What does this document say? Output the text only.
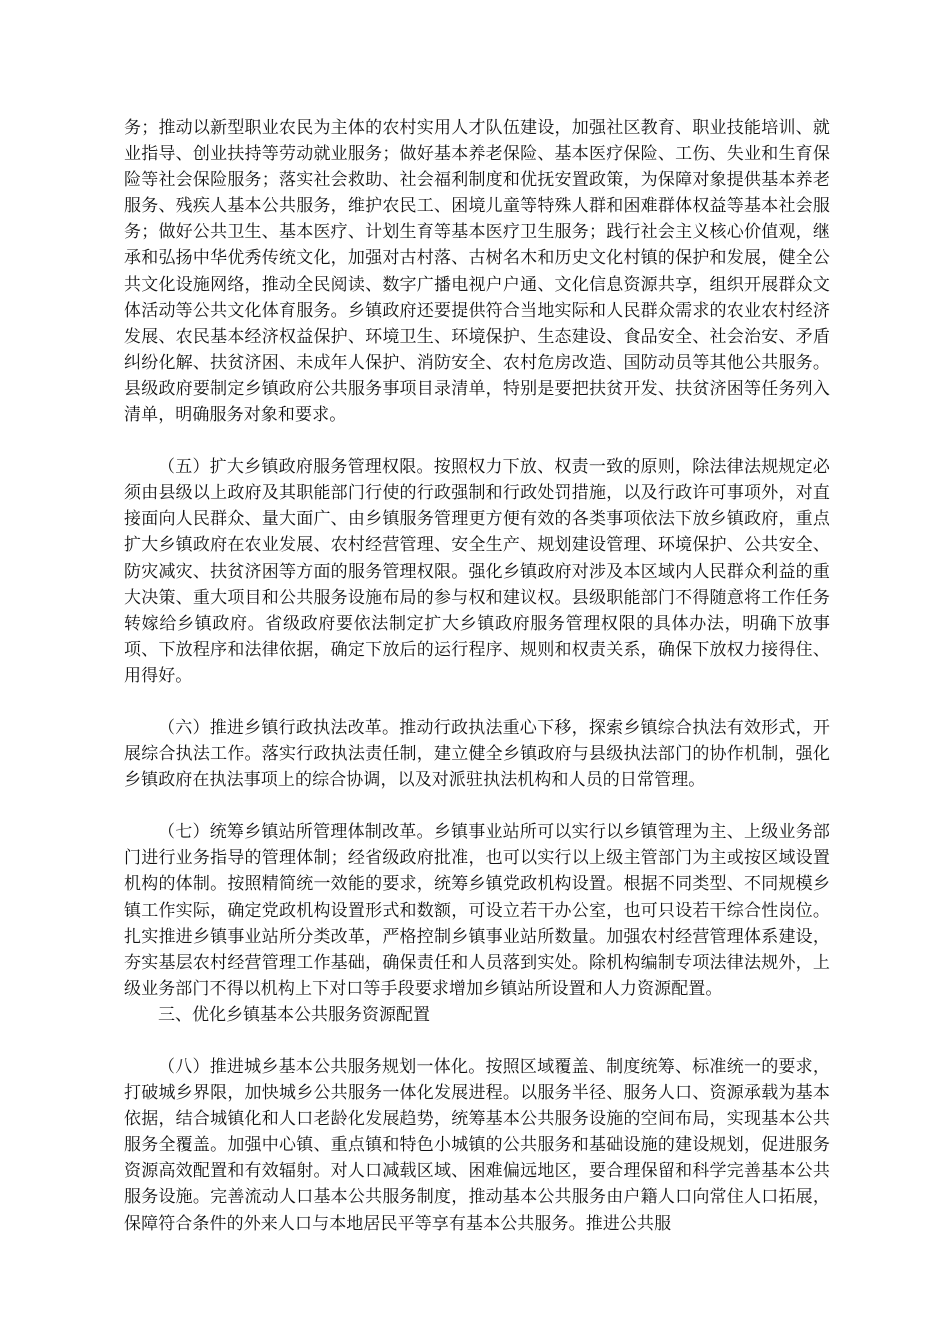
务；推动以新型职业农民为主体的农村实用人才队伍建设，加强社区教育、职业技能培训、就业指导、创业扶持等劳动就业服务；做好基本养老保险、基本医疗保险、工伤、失业和生育保险等社会保险服务；落实社会救助、社会福利制度和优抚安置政策，为保障对象提供基本养老服务、残疾人基本公共服务，维护农民工、困境儿童等特殊人群和困难群体权益等基本社会服务；做好公共卫生、基本医疗、计划生育等基本医疗卫生服务；践行社会主义核心价值观，继承和弘扬中华优秀传统文化，加强对古村落、古树名木和历史文化村镇的保护和发展，健全公共文化设施网络，推动全民阅读、数字广播电视户户通、文化信息资源共享，组织开展群众文体活动等公共文化体育服务。乡镇政府还要提供符合当地实际和人民群众需求的农业农村经济发展、农民基本经济权益保护、环境卫生、环境保护、生态建设、食品安全、社会治安、矛盾纠纷化解、扶贫济困、未成年人保护、消防安全、农村危房改造、国防动员等其他公共服务。县级政府要制定乡镇政府公共服务事项目录清单，特别是要把扶贫开发、扶贫济困等任务列入清单，明确服务对象和要求。

（五）扩大乡镇政府服务管理权限。按照权力下放、权责一致的原则，除法律法规规定必须由县级以上政府及其职能部门行使的行政强制和行政处罚措施，以及行政许可事项外，对直接面向人民群众、量大面广、由乡镇服务管理更方便有效的各类事项依法下放乡镇政府，重点扩大乡镇政府在农业发展、农村经营管理、安全生产、规划建设管理、环境保护、公共安全、防灾减灾、扶贫济困等方面的服务管理权限。强化乡镇政府对涉及本区域内人民群众利益的重大决策、重大项目和公共服务设施布局的参与权和建议权。县级职能部门不得随意将工作任务转嫁给乡镇政府。省级政府要依法制定扩大乡镇政府服务管理权限的具体办法，明确下放事项、下放程序和法律依据，确定下放后的运行程序、规则和权责关系，确保下放权力接得住、用得好。

（六）推进乡镇行政执法改革。推动行政执法重心下移，探索乡镇综合执法有效形式，开展综合执法工作。落实行政执法责任制，建立健全乡镇政府与县级执法部门的协作机制，强化乡镇政府在执法事项上的综合协调，以及对派驻执法机构和人员的日常管理。

（七）统筹乡镇站所管理体制改革。乡镇事业站所可以实行以乡镇管理为主、上级业务部门进行业务指导的管理体制；经省级政府批准，也可以实行以上级主管部门为主或按区域设置机构的体制。按照精简统一效能的要求，统筹乡镇党政机构设置。根据不同类型、不同规模乡镇工作实际，确定党政机构设置形式和数额，可设立若干办公室，也可只设若干综合性岗位。扎实推进乡镇事业站所分类改革，严格控制乡镇事业站所数量。加强农村经营管理体系建设，夯实基层农村经营管理工作基础，确保责任和人员落到实处。除机构编制专项法律法规外，上级业务部门不得以机构上下对口等手段要求增加乡镇站所设置和人力资源配置。

三、优化乡镇基本公共服务资源配置

（八）推进城乡基本公共服务规划一体化。按照区域覆盖、制度统筹、标准统一的要求，打破城乡界限，加快城乡公共服务一体化发展进程。以服务半径、服务人口、资源承载为基本依据，结合城镇化和人口老龄化发展趋势，统筹基本公共服务设施的空间布局，实现基本公共服务全覆盖。加强中心镇、重点镇和特色小城镇的公共服务和基础设施的建设规划，促进服务资源高效配置和有效辐射。对人口减载区域、困难偏远地区，要合理保留和科学完善基本公共服务设施。完善流动人口基本公共服务制度，推动基本公共服务由户籍人口向常住人口拓展，保障符合条件的外来人口与本地居民平等享有基本公共服务。推进公共服
